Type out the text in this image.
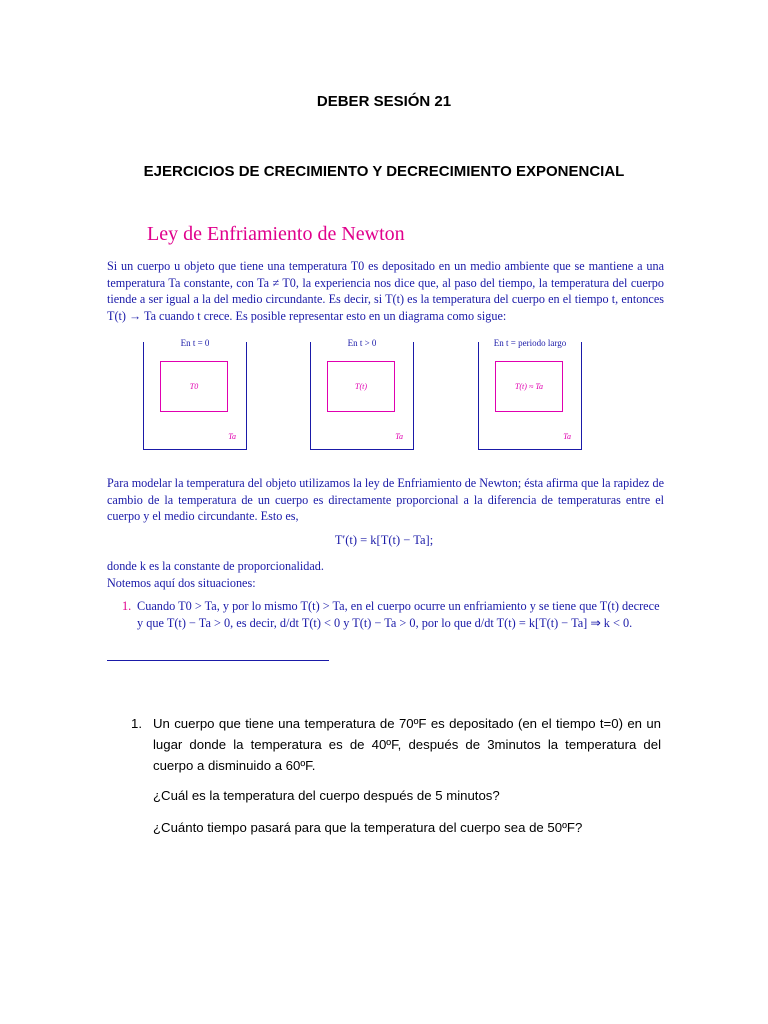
DEBER SESIÓN 21
EJERCICIOS DE CRECIMIENTO Y DECRECIMIENTO EXPONENCIAL
Ley de Enfriamiento de Newton
Si un cuerpo u objeto que tiene una temperatura T0 es depositado en un medio ambiente que se mantiene a una temperatura Ta constante, con Ta ≠ T0, la experiencia nos dice que, al paso del tiempo, la temperatura del cuerpo tiende a ser igual a la del medio circundante. Es decir, si T(t) es la temperatura del cuerpo en el tiempo t, entonces T(t) → Ta cuando t crece. Es posible representar esto en un diagrama como sigue:
En t = 0
T0
Ta
En t > 0
T(t)
Ta
En t = periodo largo
T(t) ≈ Ta
Ta
Para modelar la temperatura del objeto utilizamos la ley de Enfriamiento de Newton; ésta afirma que la rapidez de cambio de la temperatura de un cuerpo es directamente proporcional a la diferencia de temperaturas entre el cuerpo y el medio circundante. Esto es,
T′(t) = k[T(t) − Ta];
donde k es la constante de proporcionalidad.
Notemos aquí dos situaciones:
1. Cuando T0 > Ta, y por lo mismo T(t) > Ta, en el cuerpo ocurre un enfriamiento y se tiene que T(t) decrece y que T(t) − Ta > 0, es decir, d/dt T(t) < 0 y T(t) − Ta > 0, por lo que d/dt T(t) = k[T(t) − Ta] ⇒ k < 0.
1. Un cuerpo que tiene una temperatura de 70ºF es depositado (en el tiempo t=0) en un lugar donde la temperatura es de 40ºF, después de 3minutos la temperatura del cuerpo a disminuido a 60ºF.
¿Cuál es la temperatura del cuerpo después de 5 minutos?
¿Cuánto tiempo pasará para que la temperatura del cuerpo sea de 50ºF?
